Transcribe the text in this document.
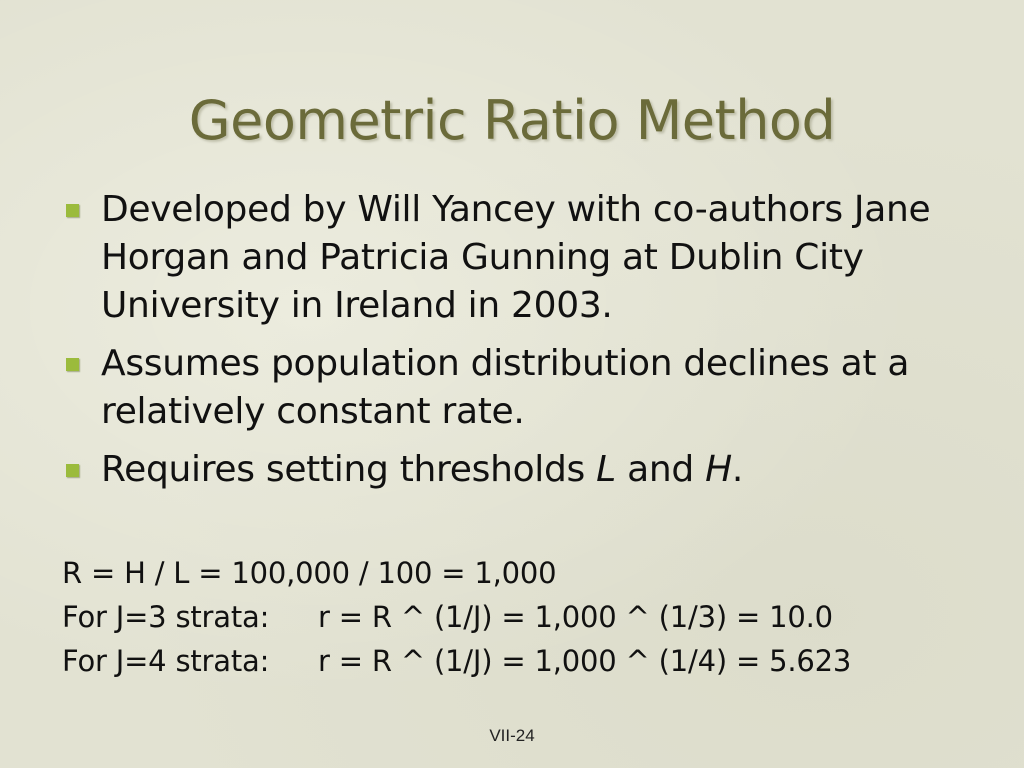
Geometric Ratio Method
Developed by Will Yancey with co-authors Jane Horgan and Patricia Gunning at Dublin City University in Ireland in 2003.
Assumes population distribution declines at a relatively constant rate.
Requires setting thresholds L and H.
R = H / L = 100,000 / 100 = 1,000
For J=3 strata: r = R ^ (1/J) = 1,000 ^ (1/3) = 10.0
For J=4 strata: r = R ^ (1/J) = 1,000 ^ (1/4) = 5.623
VII-24
